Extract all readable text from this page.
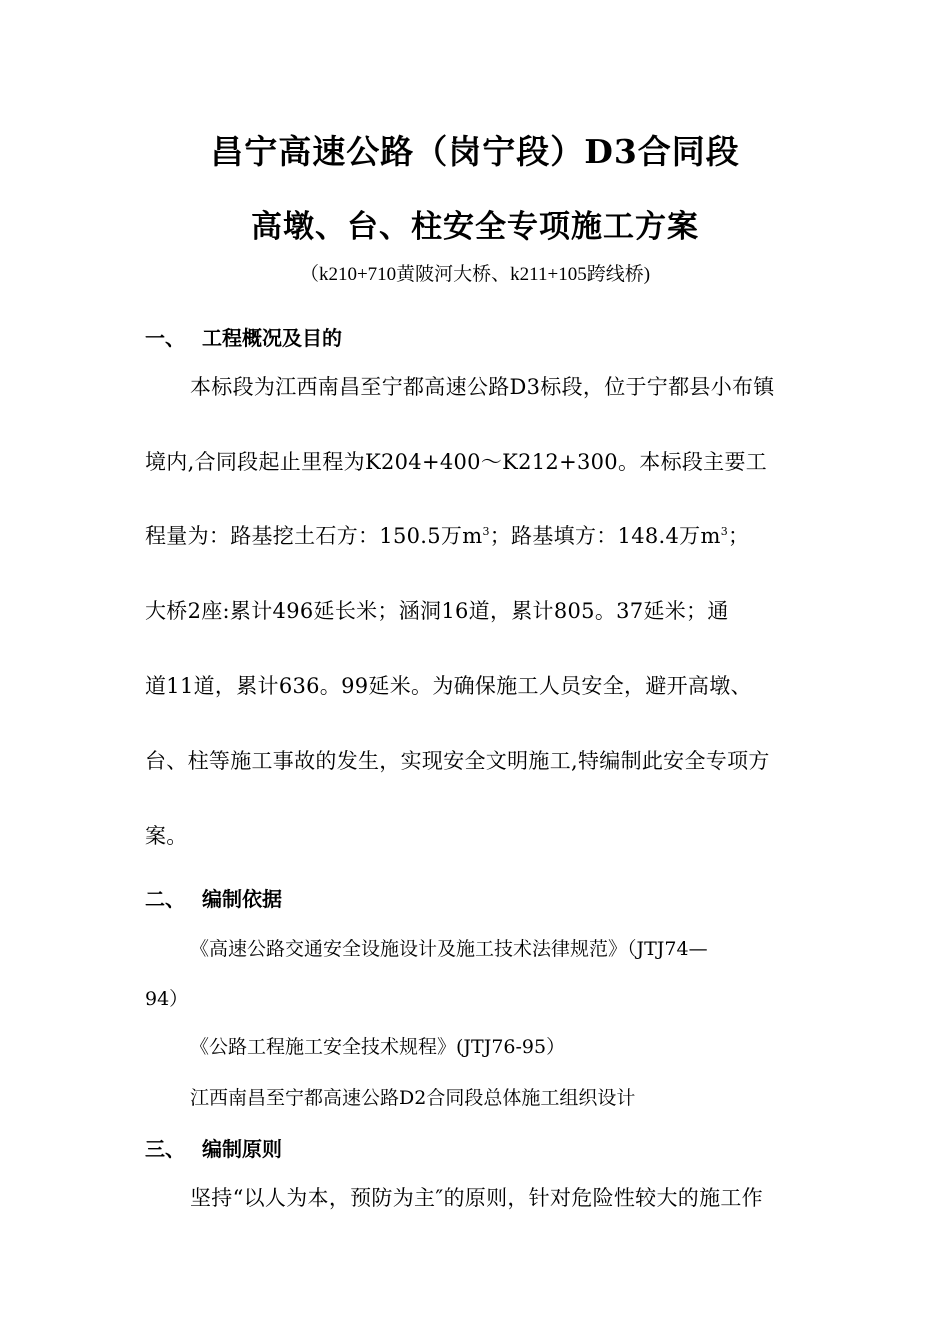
昌宁高速公路（岗宁段）D3合同段
高墩、台、柱安全专项施工方案
（k210+710黄陂河大桥、k211+105跨线桥)
一、 工程概况及目的
本标段为江西南昌至宁都高速公路D3标段，位于宁都县小布镇
境内,合同段起止里程为K204+400～K212+300。本标段主要工
程量为：路基挖土石方：150.5万$m^3$；路基填方：148.4万$m^3$；
大桥2座:累计496延长米；涵洞16道，累计805。37延米；通
道11道，累计636。99延米。为确保施工人员安全，避开高墩、
台、柱等施工事故的发生，实现安全文明施工,特编制此安全专项方
案。
二、 编制依据
《高速公路交通安全设施设计及施工技术法律规范》（JTJ74—
94）
《公路工程施工安全技术规程》(JTJ76-95）
江西南昌至宁都高速公路D2合同段总体施工组织设计
三、 编制原则
坚持“以人为本，预防为主″的原则，针对危险性较大的施工作
